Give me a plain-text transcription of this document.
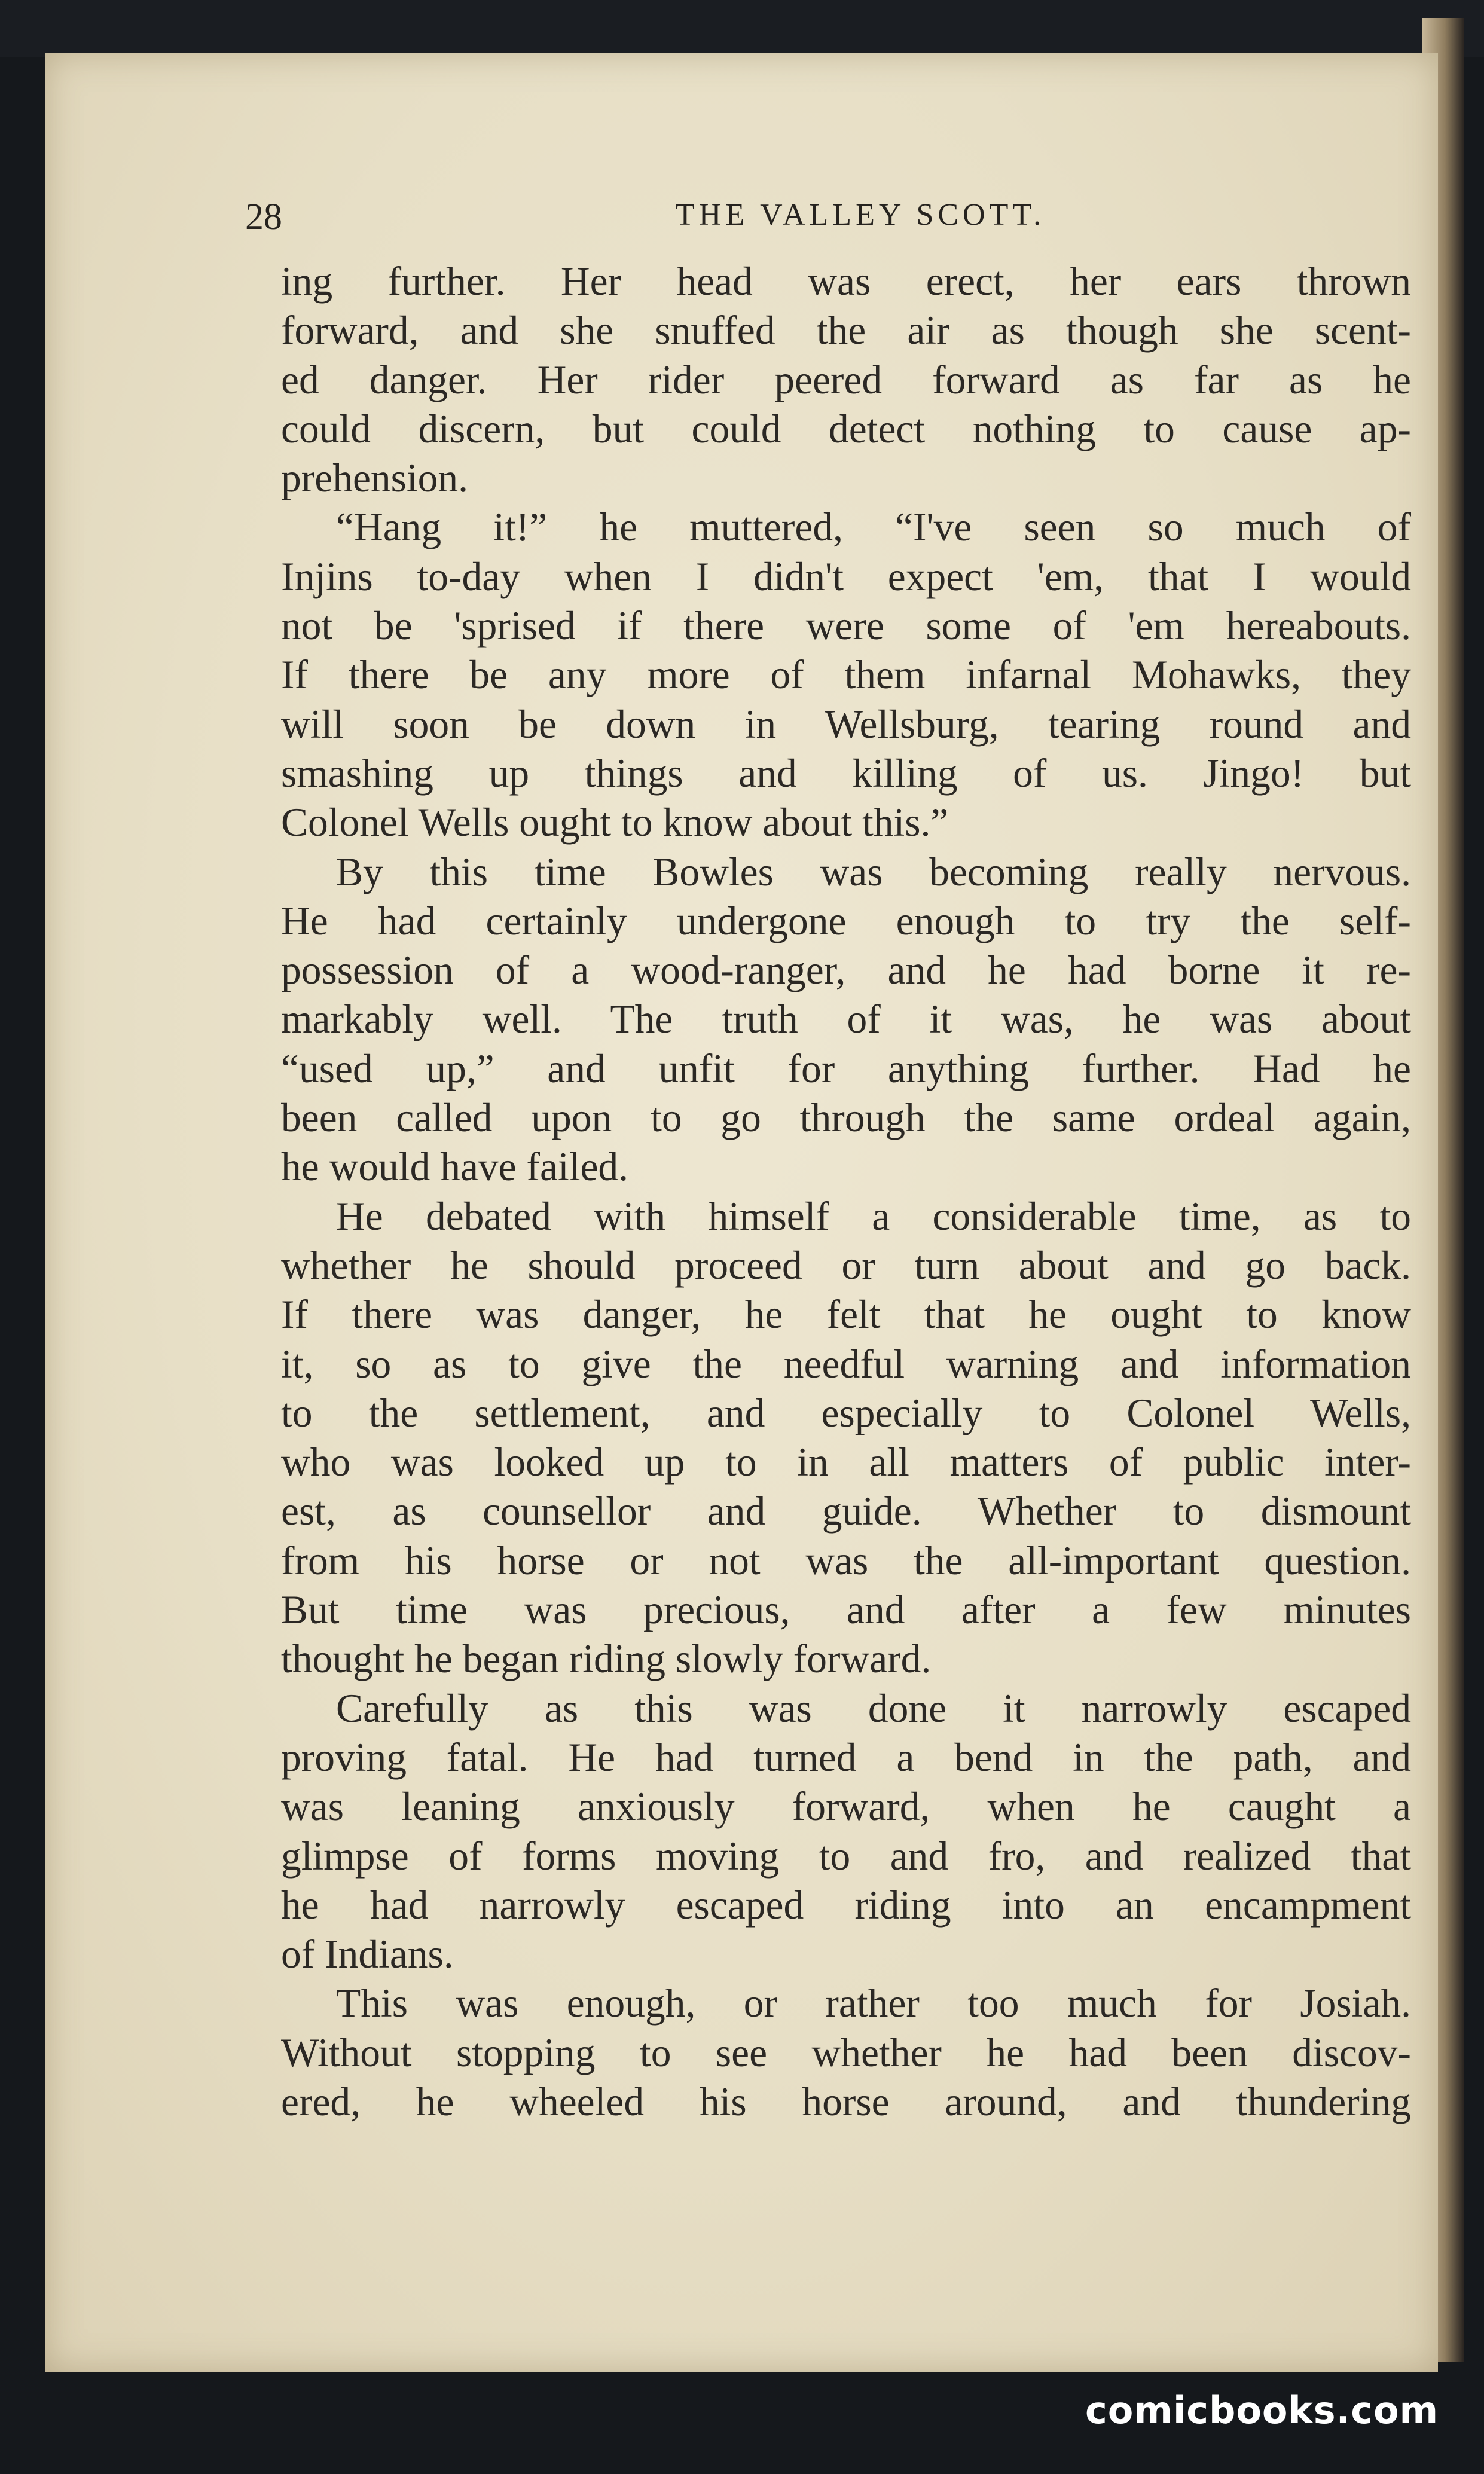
28	THE VALLEY SCOTT.
ing further. Her head was erect, her ears thrown
forward, and she snuffed the air as though she scent-
ed danger. Her rider peered forward as far as he
could discern, but could detect nothing to cause ap-
prehension.
“Hang it!” he muttered, “I've seen so much of
Injins to-day when I didn't expect 'em, that I would
not be 'sprised if there were some of 'em hereabouts.
If there be any more of them infarnal Mohawks, they
will soon be down in Wellsburg, tearing round and
smashing up things and killing of us. Jingo! but
Colonel Wells ought to know about this.”
By this time Bowles was becoming really nervous.
He had certainly undergone enough to try the self-
possession of a wood-ranger, and he had borne it re-
markably well. The truth of it was, he was about
“used up,” and unfit for anything further. Had he
been called upon to go through the same ordeal again,
he would have failed.
He debated with himself a considerable time, as to
whether he should proceed or turn about and go back.
If there was danger, he felt that he ought to know
it, so as to give the needful warning and information
to the settlement, and especially to Colonel Wells,
who was looked up to in all matters of public inter-
est, as counsellor and guide. Whether to dismount
from his horse or not was the all-important question.
But time was precious, and after a few minutes
thought he began riding slowly forward.
Carefully as this was done it narrowly escaped
proving fatal. He had turned a bend in the path, and
was leaning anxiously forward, when he caught a
glimpse of forms moving to and fro, and realized that
he had narrowly escaped riding into an encampment
of Indians.
This was enough, or rather too much for Josiah.
Without stopping to see whether he had been discov-
ered, he wheeled his horse around, and thundering
comicbooks.com
